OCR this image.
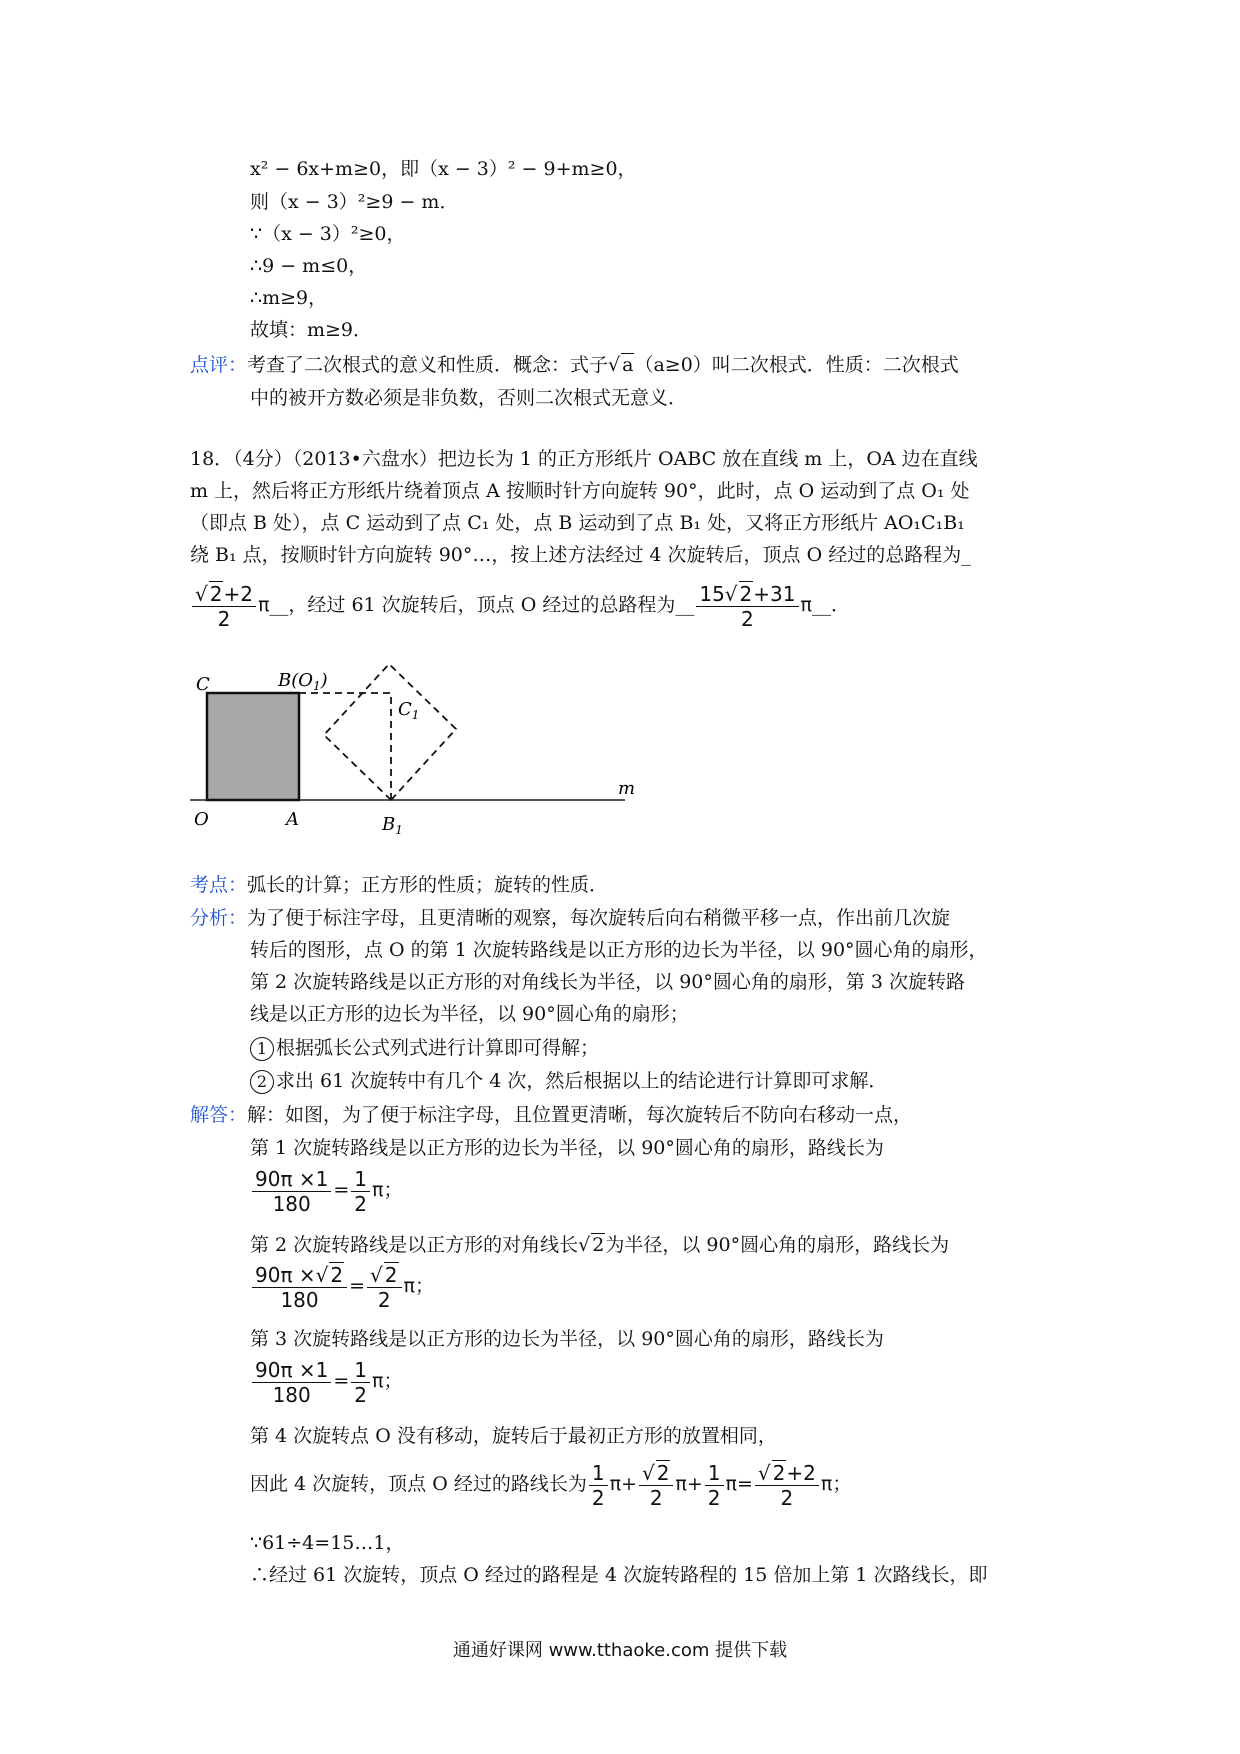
x² − 6x+m≥0，即（x − 3）² − 9+m≥0，
则（x − 3）²≥9 − m．
∵（x − 3）²≥0，
∴9 − m≤0，
∴m≥9，
故填：m≥9．
点评：考查了二次根式的意义和性质．概念：式子√ a（a≥0）叫二次根式．性质：二次根式
中的被开方数必须是非负数，否则二次根式无意义．
18．（4分）（2013•六盘水）把边长为 1 的正方形纸片 OABC 放在直线 m 上，OA 边在直线
m 上，然后将正方形纸片绕着顶点 A 按顺时针方向旋转 90°，此时，点 O 运动到了点 O₁ 处
（即点 B 处），点 C 运动到了点 C₁ 处，点 B 运动到了点 B₁ 处，又将正方形纸片 AO₁C₁B₁
绕 B₁ 点，按顺时针方向旋转 90°…，按上述方法经过 4 次旋转后，顶点 O 经过的总路程为_
$\frac{√ 2+2}{2}$ π__，经过 61 次旋转后，顶点 O 经过的总路程为__ $\frac{15√ 2+31}{2}$ π__．
C	$B(O_1)$
$C_1$
O	A	$B_1$
m
考点：弧长的计算；正方形的性质；旋转的性质．
分析：为了便于标注字母，且更清晰的观察，每次旋转后向右稍微平移一点，作出前几次旋
转后的图形，点 O 的第 1 次旋转路线是以正方形的边长为半径，以 90°圆心角的扇形，
第 2 次旋转路线是以正方形的对角线长为半径，以 90°圆心角的扇形，第 3 次旋转路
线是以正方形的边长为半径，以 90°圆心角的扇形；
1 根据弧长公式列式进行计算即可得解；
2 求出 61 次旋转中有几个 4 次，然后根据以上的结论进行计算即可求解．
解答：解：如图，为了便于标注字母，且位置更清晰，每次旋转后不防向右移动一点，
第 1 次旋转路线是以正方形的边长为半径，以 90°圆心角的扇形，路线长为
$\frac{90\pi \times 1}{180} = \frac{1}{2}$ π；
第 2 次旋转路线是以正方形的对角线长√ 2为半径，以 90°圆心角的扇形，路线长为
$\frac{90\pi \times√ 2}{180} = \frac{√ 2}{2}$ π；
第 3 次旋转路线是以正方形的边长为半径，以 90°圆心角的扇形，路线长为
$\frac{90\pi \times 1}{180} = \frac{1}{2}$ π；
第 4 次旋转点 O 没有移动，旋转后于最初正方形的放置相同，
因此 4 次旋转，顶点 O 经过的路线长为 $\frac{1}{2} \pi+ \frac{√ 2}{2} \pi+ \frac{1}{2} \pi= \frac{√ 2+2}{2}$ π；
∵61÷4=15…1，
∴经过 61 次旋转，顶点 O 经过的路程是 4 次旋转路程的 15 倍加上第 1 次路线长，即
通通好课网 www.tthaoke.com 提供下载
